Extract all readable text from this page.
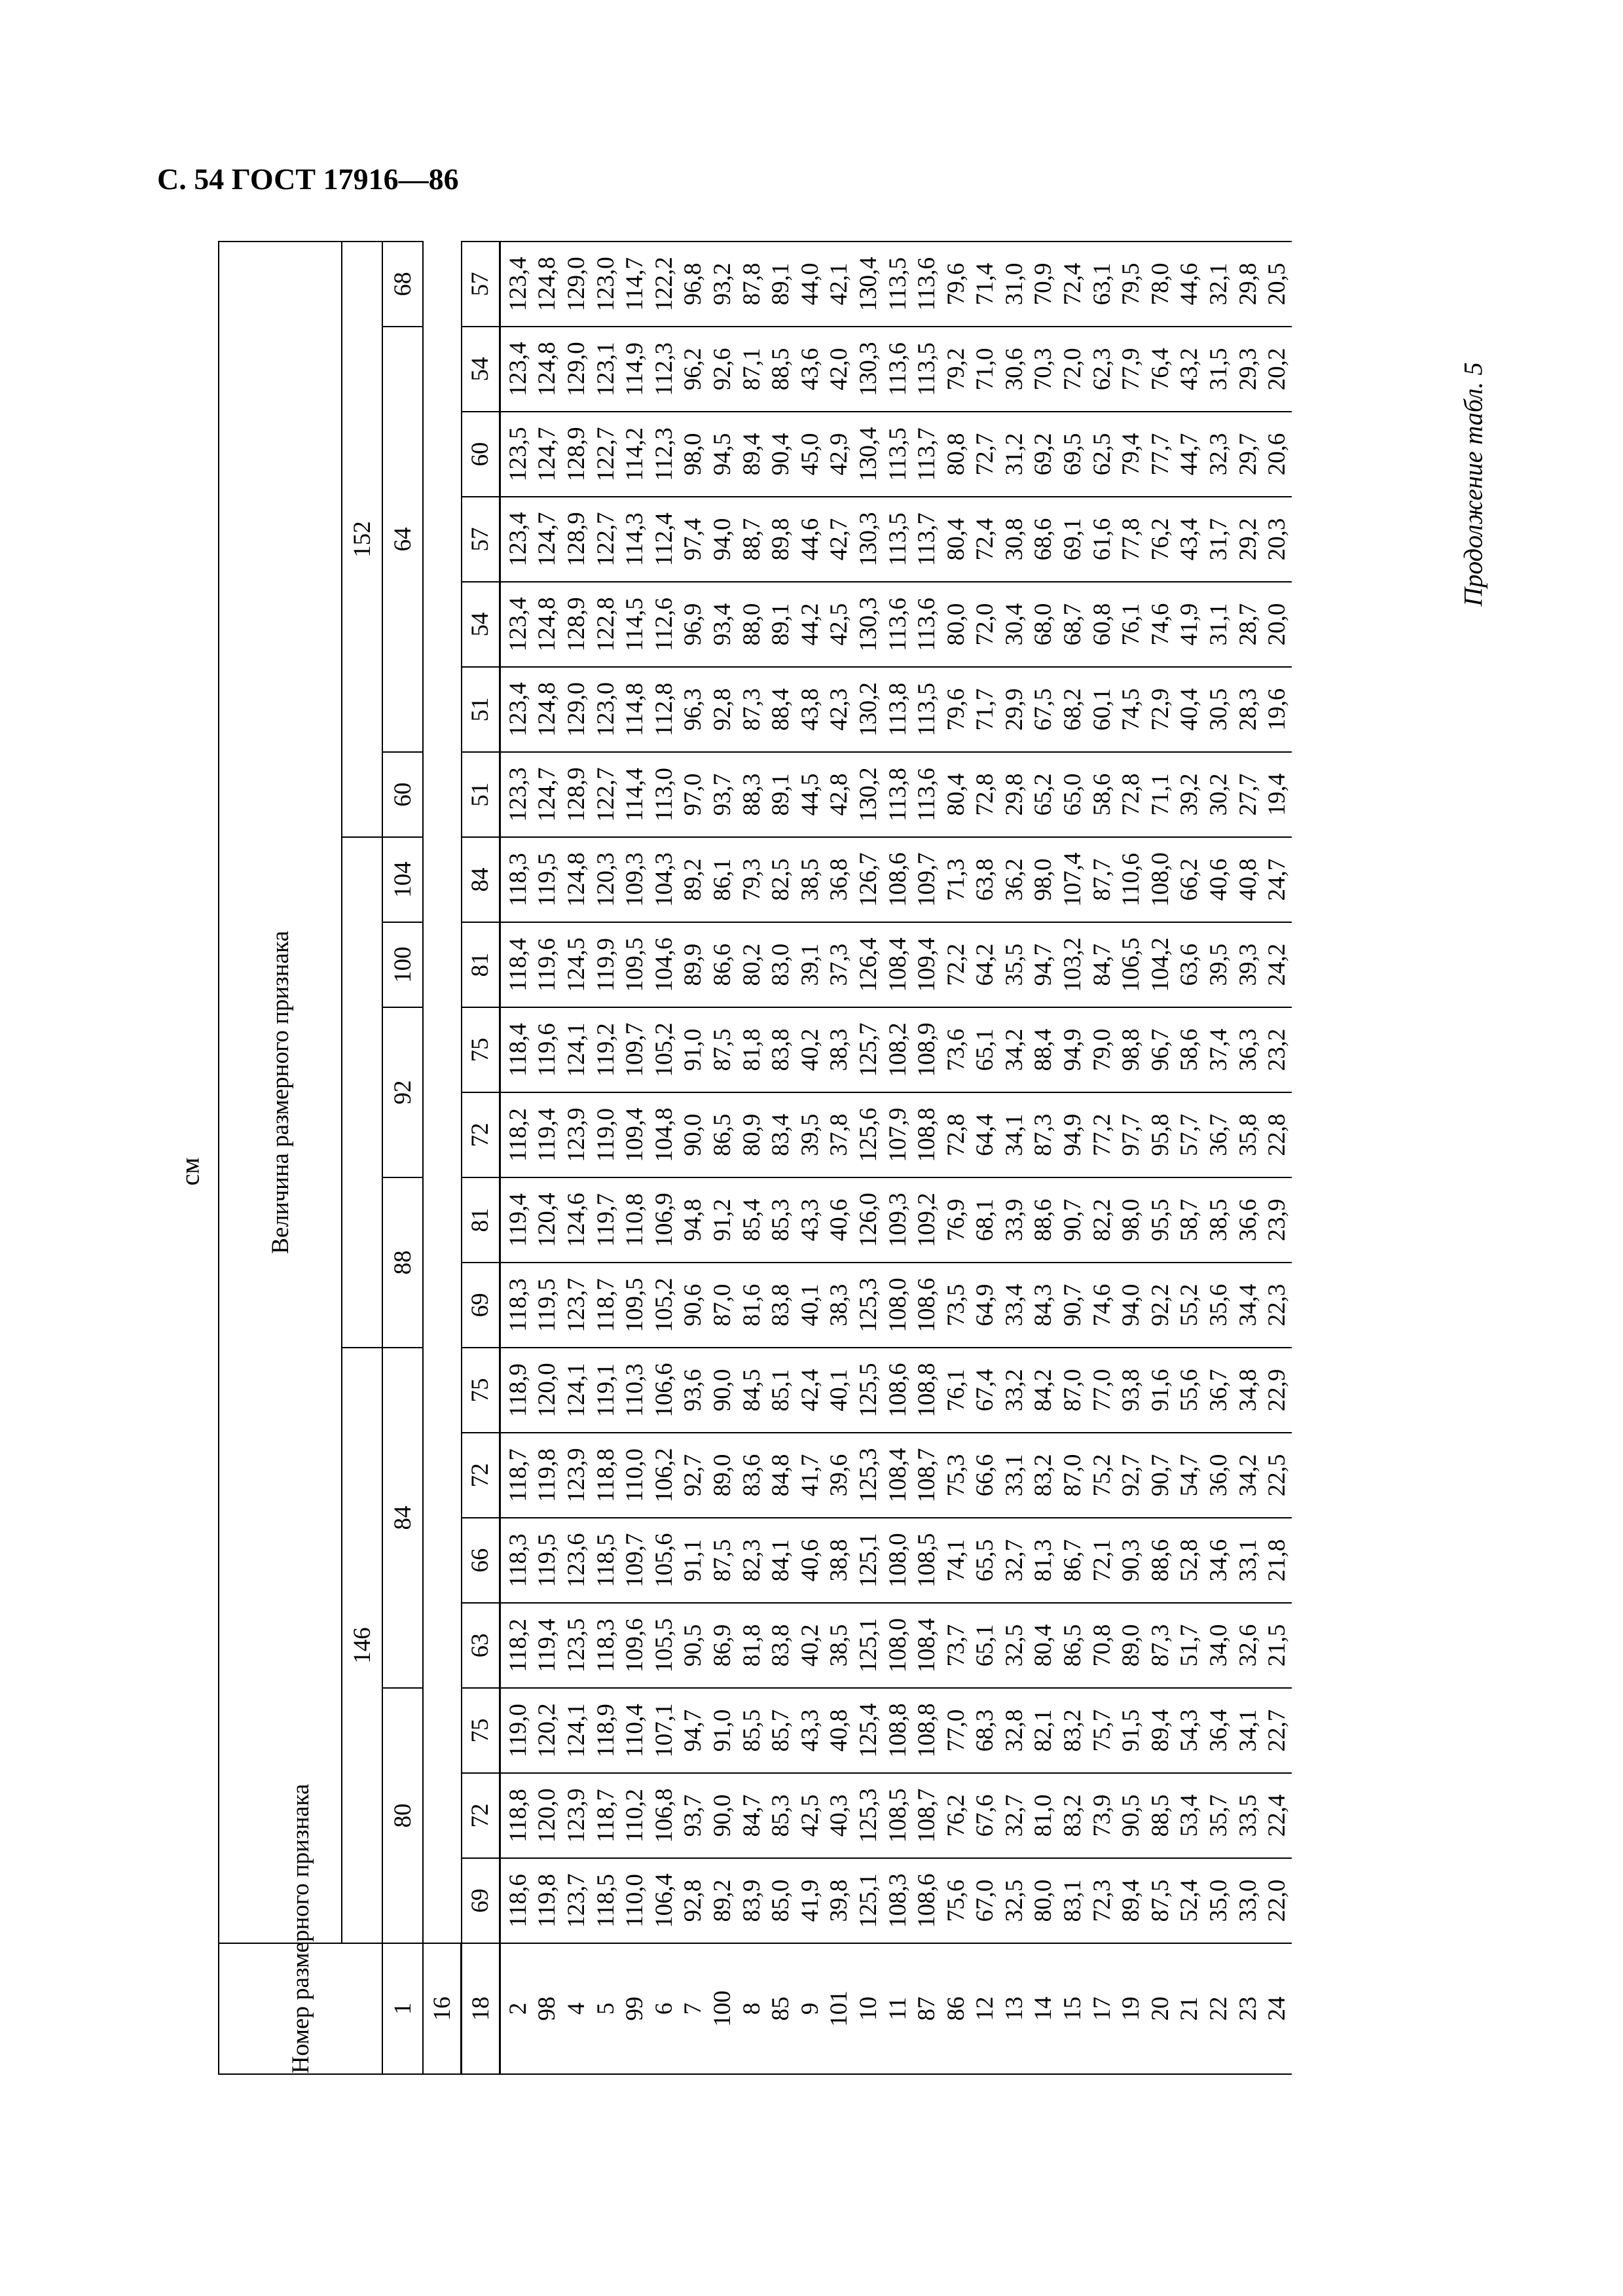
С. 54 ГОСТ 17916—86
Продолжение табл. 5
см
Номер размерного признака	Величина размерного признака																			
	146													152						
1	80			84				88		92		100	104	60	64					68
16																				
18	69	72	75	63	66	72	75	69	81	72	75	81	84	51	51	54	57	60	54	57
2	118,6	118,8	119,0	118,2	118,3	118,7	118,9	118,3	119,4	118,2	118,4	118,4	118,3	123,3	123,4	123,4	123,4	123,5	123,4	123,4
98	119,8	120,0	120,2	119,4	119,5	119,8	120,0	119,5	120,4	119,4	119,6	119,6	119,5	124,7	124,8	124,8	124,7	124,7	124,8	124,8
4	123,7	123,9	124,1	123,5	123,6	123,9	124,1	123,7	124,6	123,9	124,1	124,5	124,8	128,9	129,0	128,9	128,9	128,9	129,0	129,0
5	118,5	118,7	118,9	118,3	118,5	118,8	119,1	118,7	119,7	119,0	119,2	119,9	120,3	122,7	123,0	122,8	122,7	122,7	123,1	123,0
99	110,0	110,2	110,4	109,6	109,7	110,0	110,3	109,5	110,8	109,4	109,7	109,5	109,3	114,4	114,8	114,5	114,3	114,2	114,9	114,7
6	106,4	106,8	107,1	105,5	105,6	106,2	106,6	105,2	106,9	104,8	105,2	104,6	104,3	113,0	112,8	112,6	112,4	112,3	112,3	122,2
7	92,8	93,7	94,7	90,5	91,1	92,7	93,6	90,6	94,8	90,0	91,0	89,9	89,2	97,0	96,3	96,9	97,4	98,0	96,2	96,8
100	89,2	90,0	91,0	86,9	87,5	89,0	90,0	87,0	91,2	86,5	87,5	86,6	86,1	93,7	92,8	93,4	94,0	94,5	92,6	93,2
8	83,9	84,7	85,5	81,8	82,3	83,6	84,5	81,6	85,4	80,9	81,8	80,2	79,3	88,3	87,3	88,0	88,7	89,4	87,1	87,8
85	85,0	85,3	85,7	83,8	84,1	84,8	85,1	83,8	85,3	83,4	83,8	83,0	82,5	89,1	88,4	89,1	89,8	90,4	88,5	89,1
9	41,9	42,5	43,3	40,2	40,6	41,7	42,4	40,1	43,3	39,5	40,2	39,1	38,5	44,5	43,8	44,2	44,6	45,0	43,6	44,0
101	39,8	40,3	40,8	38,5	38,8	39,6	40,1	38,3	40,6	37,8	38,3	37,3	36,8	42,8	42,3	42,5	42,7	42,9	42,0	42,1
10	125,1	125,3	125,4	125,1	125,1	125,3	125,5	125,3	126,0	125,6	125,7	126,4	126,7	130,2	130,2	130,3	130,3	130,4	130,3	130,4
11	108,3	108,5	108,8	108,0	108,0	108,4	108,6	108,0	109,3	107,9	108,2	108,4	108,6	113,8	113,8	113,6	113,5	113,5	113,6	113,5
87	108,6	108,7	108,8	108,4	108,5	108,7	108,8	108,6	109,2	108,8	108,9	109,4	109,7	113,6	113,5	113,6	113,7	113,7	113,5	113,6
86	75,6	76,2	77,0	73,7	74,1	75,3	76,1	73,5	76,9	72,8	73,6	72,2	71,3	80,4	79,6	80,0	80,4	80,8	79,2	79,6
12	67,0	67,6	68,3	65,1	65,5	66,6	67,4	64,9	68,1	64,4	65,1	64,2	63,8	72,8	71,7	72,0	72,4	72,7	71,0	71,4
13	32,5	32,7	32,8	32,5	32,7	33,1	33,2	33,4	33,9	34,1	34,2	35,5	36,2	29,8	29,9	30,4	30,8	31,2	30,6	31,0
14	80,0	81,0	82,1	80,4	81,3	83,2	84,2	84,3	88,6	87,3	88,4	94,7	98,0	65,2	67,5	68,0	68,6	69,2	70,3	70,9
15	83,1	83,2	83,2	86,5	86,7	87,0	87,0	90,7	90,7	94,9	94,9	103,2	107,4	65,0	68,2	68,7	69,1	69,5	72,0	72,4
17	72,3	73,9	75,7	70,8	72,1	75,2	77,0	74,6	82,2	77,2	79,0	84,7	87,7	58,6	60,1	60,8	61,6	62,5	62,3	63,1
19	89,4	90,5	91,5	89,0	90,3	92,7	93,8	94,0	98,0	97,7	98,8	106,5	110,6	72,8	74,5	76,1	77,8	79,4	77,9	79,5
20	87,5	88,5	89,4	87,3	88,6	90,7	91,6	92,2	95,5	95,8	96,7	104,2	108,0	71,1	72,9	74,6	76,2	77,7	76,4	78,0
21	52,4	53,4	54,3	51,7	52,8	54,7	55,6	55,2	58,7	57,7	58,6	63,6	66,2	39,2	40,4	41,9	43,4	44,7	43,2	44,6
22	35,0	35,7	36,4	34,0	34,6	36,0	36,7	35,6	38,5	36,7	37,4	39,5	40,6	30,2	30,5	31,1	31,7	32,3	31,5	32,1
23	33,0	33,5	34,1	32,6	33,1	34,2	34,8	34,4	36,6	35,8	36,3	39,3	40,8	27,7	28,3	28,7	29,2	29,7	29,3	29,8
24	22,0	22,4	22,7	21,5	21,8	22,5	22,9	22,3	23,9	22,8	23,2	24,2	24,7	19,4	19,6	20,0	20,3	20,6	20,2	20,5
